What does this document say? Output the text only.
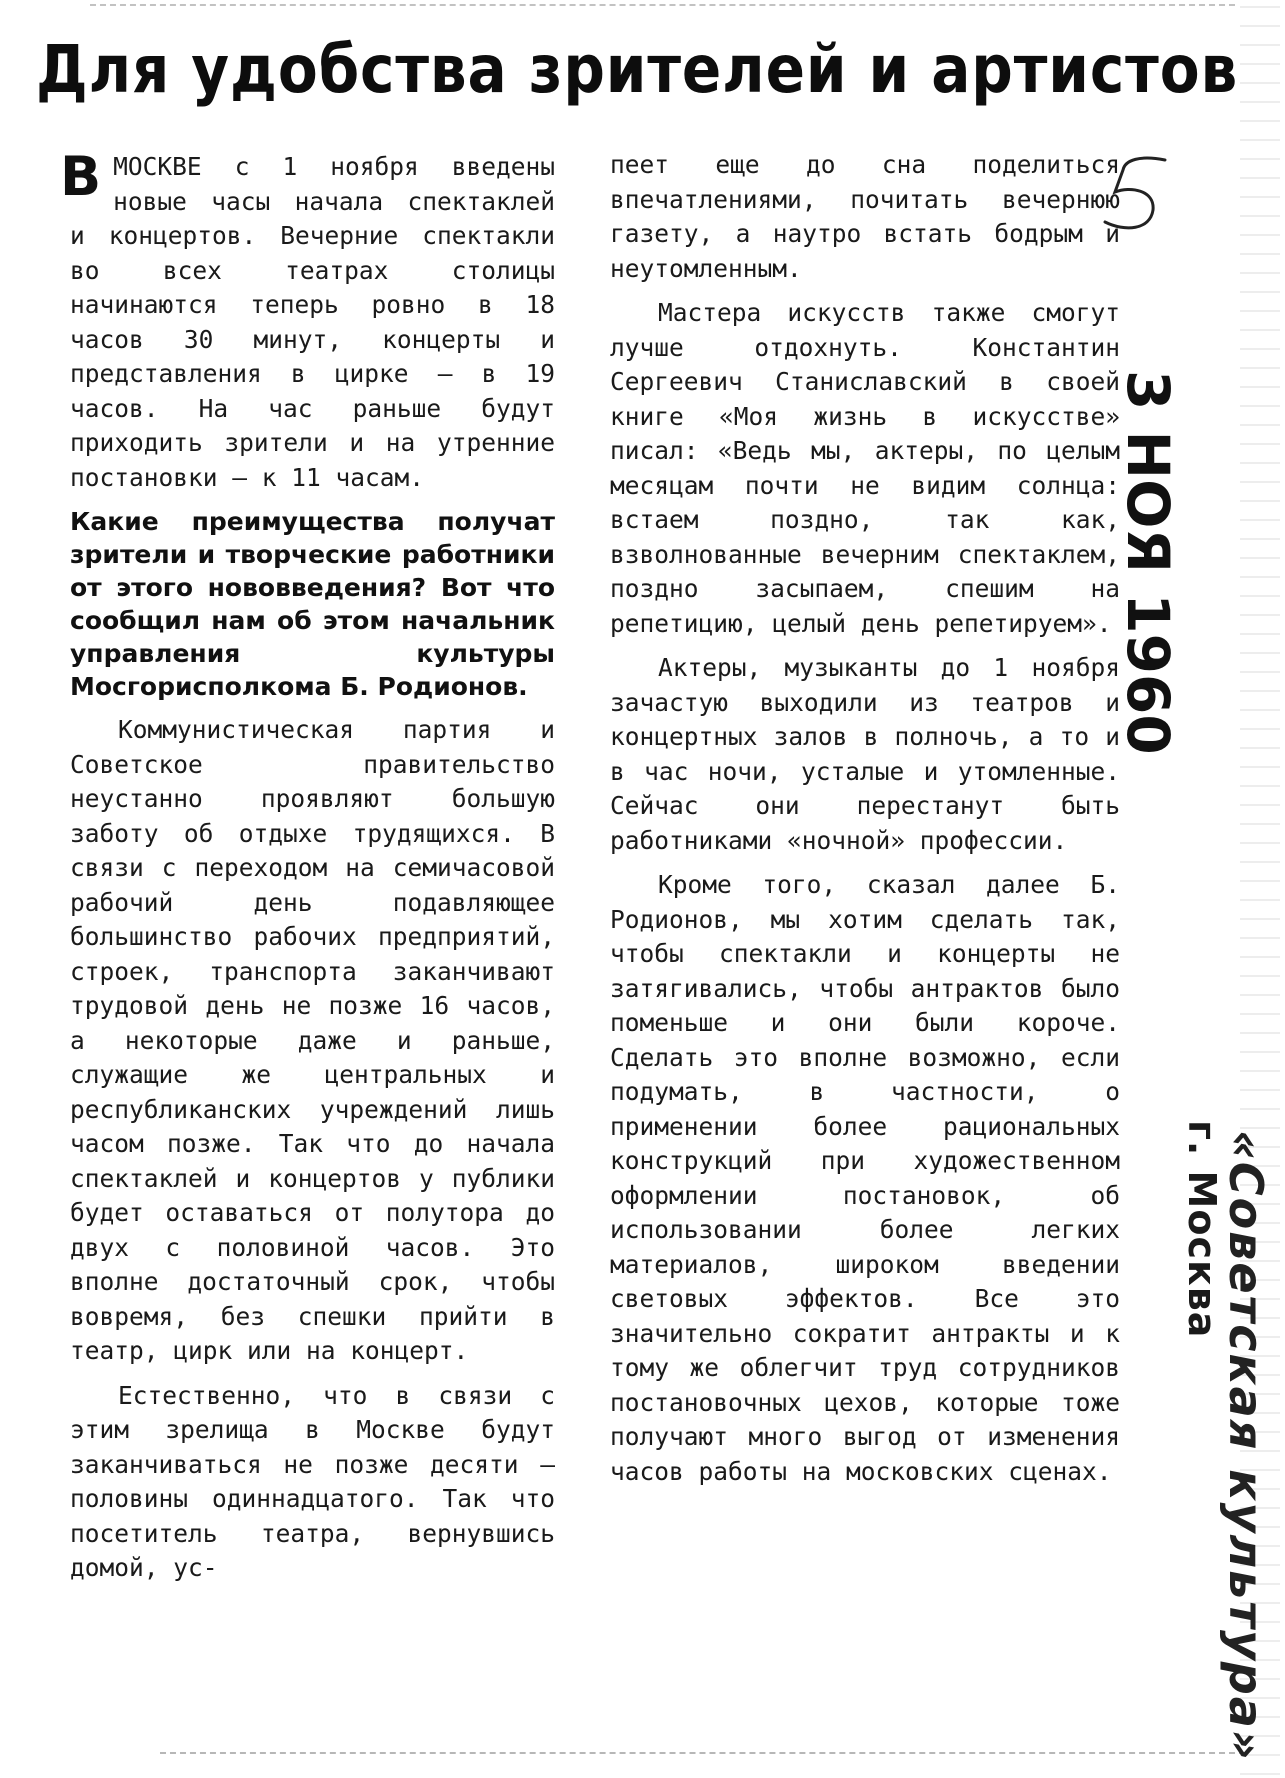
Для удобства зрителей и артистов

ВМОСКВЕ с 1 ноября введены новые часы начала спектаклей и концертов. Вечерние спектакли во всех театрах столицы начинаются теперь ровно в 18 часов 30 минут, концерты и представления в цирке — в 19 часов. На час раньше будут приходить зрители и на утренние постановки — к 11 часам.

Какие преимущества получат зрители и творческие работники от этого нововведения? Вот что сообщил нам об этом начальник управления культуры Мосгорисполкома Б. Родионов.

Коммунистическая партия и Советское правительство неустанно проявляют большую заботу об отдыхе трудящихся. В связи с переходом на семичасовой рабочий день подавляющее большинство рабочих предприятий, строек, транспорта заканчивают трудовой день не позже 16 часов, а некоторые даже и раньше, служащие же центральных и республиканских учреждений лишь часом позже. Так что до начала спектаклей и концертов у публики будет оставаться от полутора до двух с половиной часов. Это вполне достаточный срок, чтобы вовремя, без спешки прийти в театр, цирк или на концерт.

Естественно, что в связи с этим зрелища в Москве будут заканчиваться не позже десяти — половины одиннадцатого. Так что посетитель театра, вернувшись домой, ус-

пеет еще до сна поделиться впечатлениями, почитать вечернюю газету, а наутро встать бодрым и неутомленным.

Мастера искусств также смогут лучше отдохнуть. Константин Сергеевич Станиславский в своей книге «Моя жизнь в искусстве» писал: «Ведь мы, актеры, по целым месяцам почти не видим солнца: встаем поздно, так как, взволнованные вечерним спектаклем, поздно засыпаем, спешим на репетицию, целый день репетируем».

Актеры, музыканты до 1 ноября зачастую выходили из театров и концертных залов в полночь, а то и в час ночи, усталые и утомленные. Сейчас они перестанут быть работниками «ночной» профессии.

Кроме того, сказал далее Б. Родионов, мы хотим сделать так, чтобы спектакли и концерты не затягивались, чтобы антрактов было поменьше и они были короче. Сделать это вполне возможно, если подумать, в частности, о применении более рациональных конструкций при художественном оформлении постановок, об использовании более легких материалов, широком введении световых эффектов. Все это значительно сократит антракты и к тому же облегчит труд сотрудников постановочных цехов, которые тоже получают много выгод от изменения часов работы на московских сценах.

3 НОЯ 1960
г. Москва
«Советская культура»
